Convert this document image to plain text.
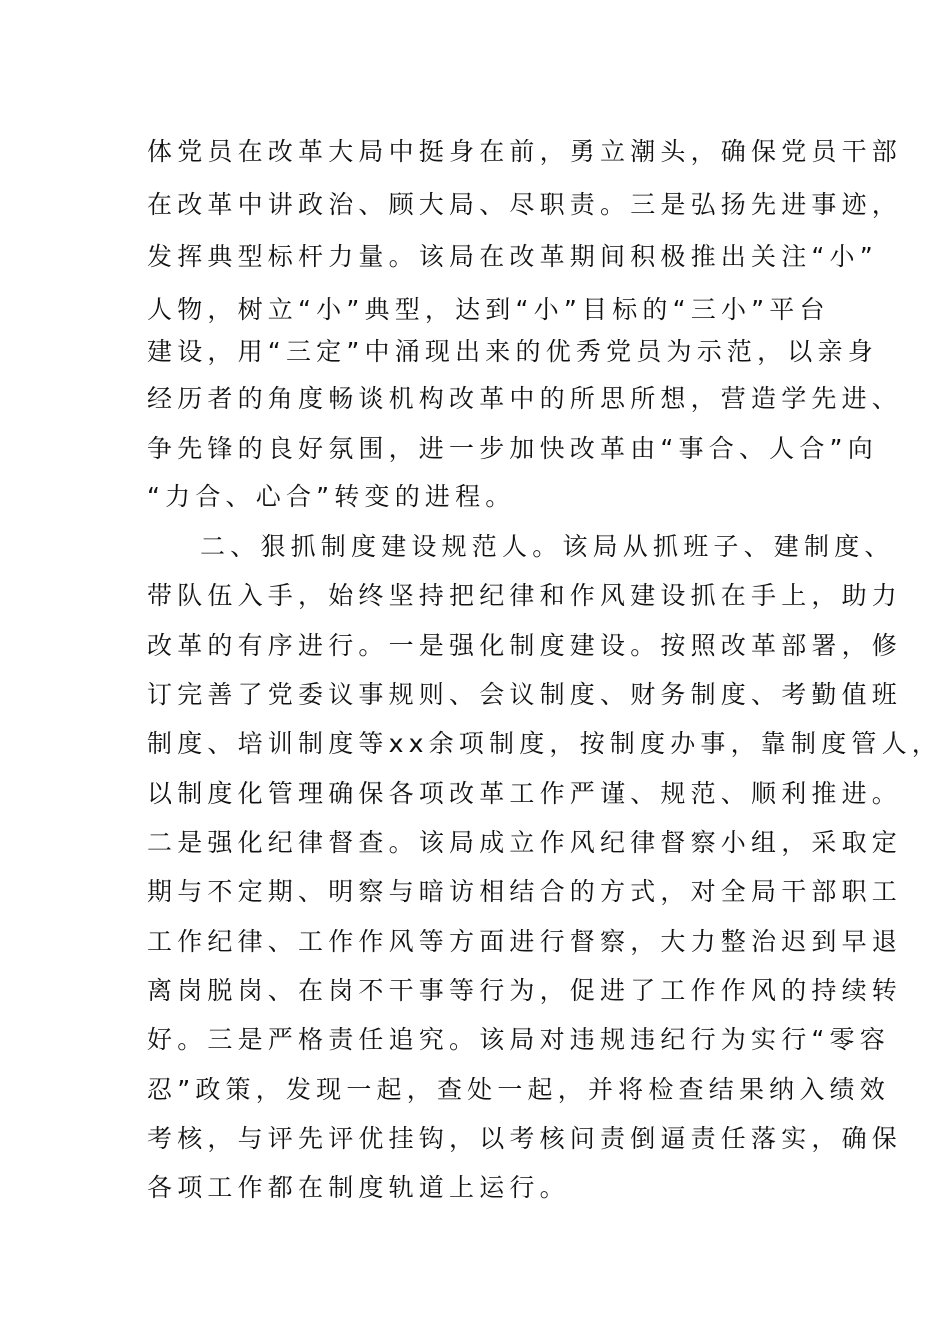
体党员在改革大局中挺身在前，勇立潮头，确保党员干部
在改革中讲政治、顾大局、尽职责。三是弘扬先进事迹，
发挥典型标杆力量。该局在改革期间积极推出关注“小”
人物，树立“小”典型，达到“小”目标的“三小”平台
建设，用“三定”中涌现出来的优秀党员为示范，以亲身
经历者的角度畅谈机构改革中的所思所想，营造学先进、
争先锋的良好氛围，进一步加快改革由“事合、人合”向
“力合、心合”转变的进程。
二、狠抓制度建设规范人。该局从抓班子、建制度、
带队伍入手，始终坚持把纪律和作风建设抓在手上，助力
改革的有序进行。一是强化制度建设。按照改革部署，修
订完善了党委议事规则、会议制度、财务制度、考勤值班
制度、培训制度等xx余项制度，按制度办事，靠制度管人，
以制度化管理确保各项改革工作严谨、规范、顺利推进。
二是强化纪律督查。该局成立作风纪律督察小组，采取定
期与不定期、明察与暗访相结合的方式，对全局干部职工
工作纪律、工作作风等方面进行督察，大力整治迟到早退
离岗脱岗、在岗不干事等行为，促进了工作作风的持续转
好。三是严格责任追究。该局对违规违纪行为实行“零容
忍”政策，发现一起，查处一起，并将检查结果纳入绩效
考核，与评先评优挂钩，以考核问责倒逼责任落实，确保
各项工作都在制度轨道上运行。
